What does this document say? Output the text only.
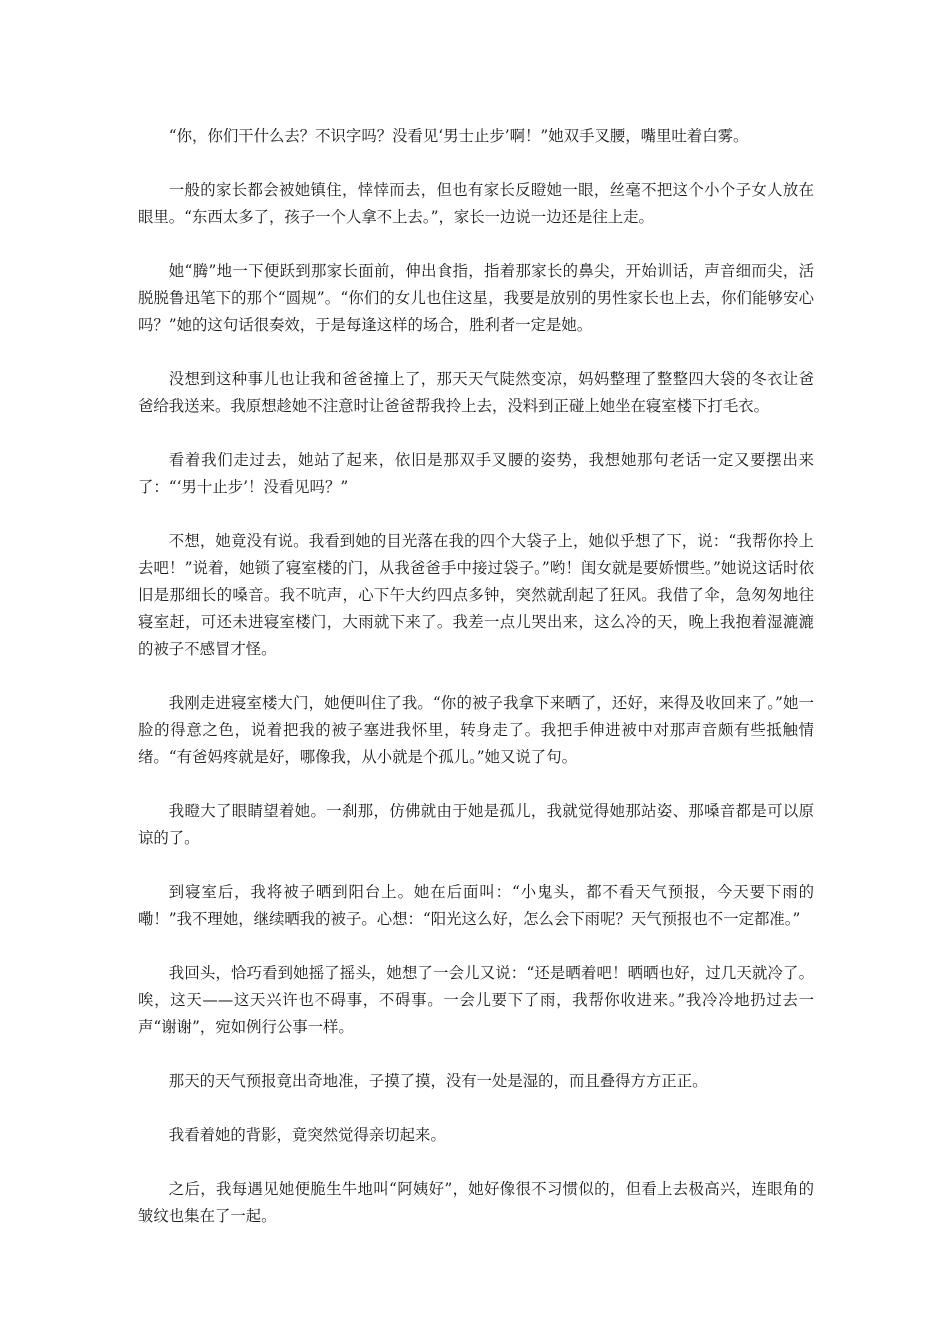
“你，你们干什么去？不识字吗？没看见‘男士止步’啊！”她双手叉腰，嘴里吐着白雾。

一般的家长都会被她镇住，悻悻而去，但也有家长反瞪她一眼，丝毫不把这个小个子女人放在眼里。“东西太多了，孩子一个人拿不上去。”，家长一边说一边还是往上走。

她“腾”地一下便跃到那家长面前，伸出食指，指着那家长的鼻尖，开始训话，声音细而尖，活脱脱鲁迅笔下的那个“圆规”。“你们的女儿也住这星，我要是放别的男性家长也上去，你们能够安心吗？”她的这句话很奏效，于是每逢这样的场合，胜利者一定是她。

没想到这种事儿也让我和爸爸撞上了，那天天气陡然变凉，妈妈整理了整整四大袋的冬衣让爸爸给我送来。我原想趁她不注意时让爸爸帮我拎上去，没料到正碰上她坐在寝室楼下打毛衣。

看着我们走过去，她站了起来，依旧是那双手叉腰的姿势，我想她那句老话一定又要摆出来了：“‘男十止步’！没看见吗？”

不想，她竟没有说。我看到她的目光落在我的四个大袋子上，她似乎想了下，说：“我帮你拎上去吧！”说着，她锁了寝室楼的门，从我爸爸手中接过袋子。”哟！闺女就是要娇惯些。”她说这话时依旧是那细长的嗓音。我不吭声，心下午大约四点多钟，突然就刮起了狂风。我借了伞，急匆匆地往寝室赶，可还未进寝室楼门，大雨就下来了。我差一点儿哭出来，这么冷的天，晚上我抱着湿漉漉的被子不感冒才怪。

我刚走进寝室楼大门，她便叫住了我。“你的被子我拿下来晒了，还好，来得及收回来了。”她一脸的得意之色，说着把我的被子塞进我怀里，转身走了。我把手伸进被中对那声音颇有些抵触情绪。“有爸妈疼就是好，哪像我，从小就是个孤儿。”她又说了句。

我瞪大了眼睛望着她。一刹那，仿佛就由于她是孤儿，我就觉得她那站姿、那嗓音都是可以原谅的了。

到寝室后，我将被子晒到阳台上。她在后面叫：“小鬼头，都不看天气预报，今天要下雨的嘞！”我不理她，继续晒我的被子。心想：“阳光这么好，怎么会下雨呢？天气预报也不一定都准。”

我回头，恰巧看到她摇了摇头，她想了一会儿又说：“还是晒着吧！晒晒也好，过几天就冷了。唉，这天——这天兴许也不碍事，不碍事。一会儿要下了雨，我帮你收进来。”我冷冷地扔过去一声“谢谢”，宛如例行公事一样。

那天的天气预报竟出奇地准，子摸了摸，没有一处是湿的，而且叠得方方正正。

我看着她的背影，竟突然觉得亲切起来。

之后，我每遇见她便脆生牛地叫“阿姨好”，她好像很不习惯似的，但看上去极高兴，连眼角的皱纹也集在了一起。
